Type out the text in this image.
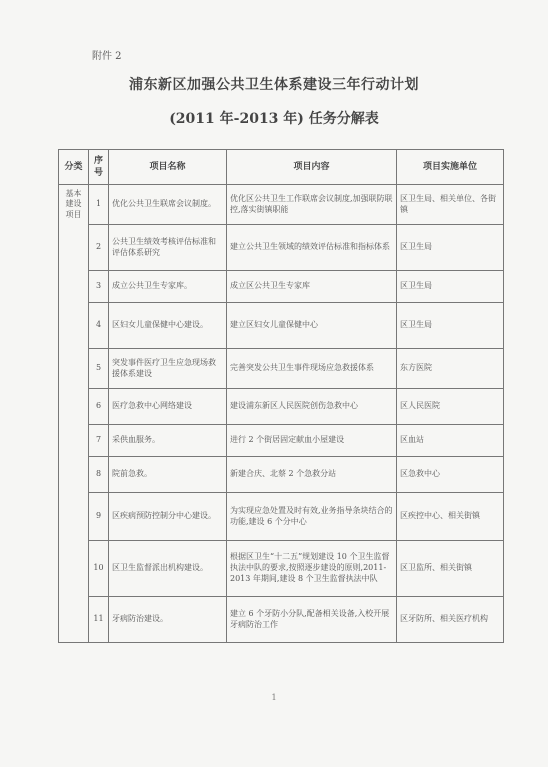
附件 2
浦东新区加强公共卫生体系建设三年行动计划
(2011 年-2013 年) 任务分解表
分类	序号	项目名称	项目内容	项目实施单位
基本建设项目	1	优化公共卫生联席会议制度。	优化区公共卫生工作联席会议制度,加强联防联控,落实街镇职能	区卫生局、相关单位、各街镇
	2	公共卫生绩效考核评估标准和评估体系研究	建立公共卫生领域的绩效评估标准和指标体系	区卫生局
	3	成立公共卫生专家库。	成立区公共卫生专家库	区卫生局
	4	区妇女儿童保健中心建设。	建立区妇女儿童保健中心	区卫生局
	5	突发事件医疗卫生应急现场救援体系建设	完善突发公共卫生事件现场应急救援体系	东方医院
	6	医疗急救中心网络建设	建设浦东新区人民医院创伤急救中心	区人民医院
	7	采供血服务。	进行 2 个街居固定献血小屋建设	区血站
	8	院前急救。	新建合庆、北蔡 2 个急救分站	区急救中心
	9	区疾病预防控制分中心建设。	为实现应急处置及时有效,业务指导条块结合的功能,建设 6 个分中心	区疾控中心、相关街镇
	10	区卫生监督派出机构建设。	根据区卫生“十二五”规划建设 10 个卫生监督执法中队的要求,按照逐步建设的原则,2011-2013 年期间,建设 8 个卫生监督执法中队	区卫监所、相关街镇
	11	牙病防治建设。	建立 6 个牙防小分队,配备相关设备,入校开展牙病防治工作	区牙防所、相关医疗机构
1
